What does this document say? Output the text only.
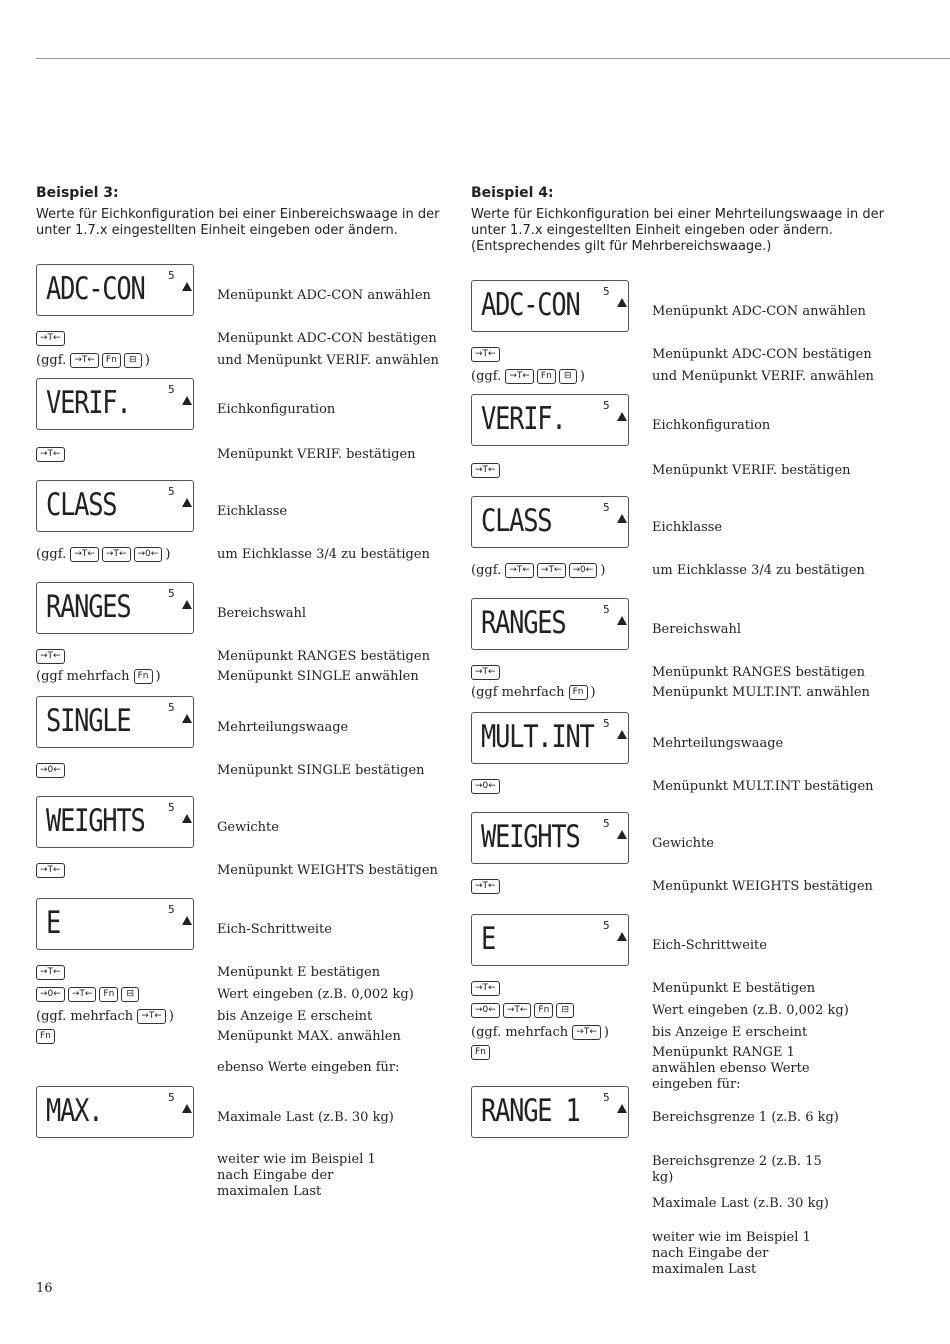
Beispiel 3:
Werte für Eichkonfiguration bei einer Einbereichswaage in der unter 1.7.x eingestellten Einheit eingeben oder ändern.
ADC-CON 5
Menüpunkt ADC-CON anwählen
→T←	Menüpunkt ADC-CON bestätigen
(ggf. →T← Fn ⊟ )	und Menüpunkt VERIF. anwählen
VERIF.	5
Eichkonfiguration
→T←	Menüpunkt VERIF. bestätigen
CLASS	5
Eichklasse
(ggf. →T← →T← →0← )	um Eichklasse 3/4 zu bestätigen
RANGES	5
Bereichswahl
→T←	Menüpunkt RANGES bestätigen
(ggf mehrfach Fn )	Menüpunkt SINGLE anwählen
SINGLE	5
Mehrteilungswaage
→0←	Menüpunkt SINGLE bestätigen
WEIGHTS 5
Gewichte
→T←	Menüpunkt WEIGHTS bestätigen
E	5
Eich-Schrittweite
→T←	Menüpunkt E bestätigen
→0← →T← Fn ⊟	Wert eingeben (z.B. 0,002 kg)
(ggf. mehrfach →T← )	bis Anzeige E erscheint
Fn	Menüpunkt MAX. anwählen
ebenso Werte eingeben für:
MAX.	5
Maximale Last (z.B. 30 kg)
weiter wie im Beispiel 1 nach Eingabe der maximalen Last
Beispiel 4:
Werte für Eichkonfiguration bei einer Mehrteilungswaage in der unter 1.7.x eingestellten Einheit eingeben oder ändern. (Entsprechendes gilt für Mehrbereichswaage.)
ADC-CON 5
Menüpunkt ADC-CON anwählen
→T←	Menüpunkt ADC-CON bestätigen
(ggf. →T← Fn ⊟ )	und Menüpunkt VERIF. anwählen
VERIF.	5
Eichkonfiguration
→T←	Menüpunkt VERIF. bestätigen
CLASS	5
Eichklasse
(ggf. →T← →T← →0← )	um Eichklasse 3/4 zu bestätigen
RANGES	5
Bereichswahl
→T←	Menüpunkt RANGES bestätigen
(ggf mehrfach Fn )	Menüpunkt MULT.INT. anwählen
MULT.INT 5
Mehrteilungswaage
→0←	Menüpunkt MULT.INT bestätigen
WEIGHTS 5
Gewichte
→T←	Menüpunkt WEIGHTS bestätigen
E	5
Eich-Schrittweite
→T←	Menüpunkt E bestätigen
→0← →T← Fn ⊟	Wert eingeben (z.B. 0,002 kg)
(ggf. mehrfach →T← )	bis Anzeige E erscheint
Fn	Menüpunkt RANGE 1 anwählen ebenso Werte eingeben für:
RANGE 1 5
Bereichsgrenze 1 (z.B. 6 kg)
Bereichsgrenze 2 (z.B. 15 kg)
Maximale Last (z.B. 30 kg)
weiter wie im Beispiel 1 nach Eingabe der maximalen Last
16
